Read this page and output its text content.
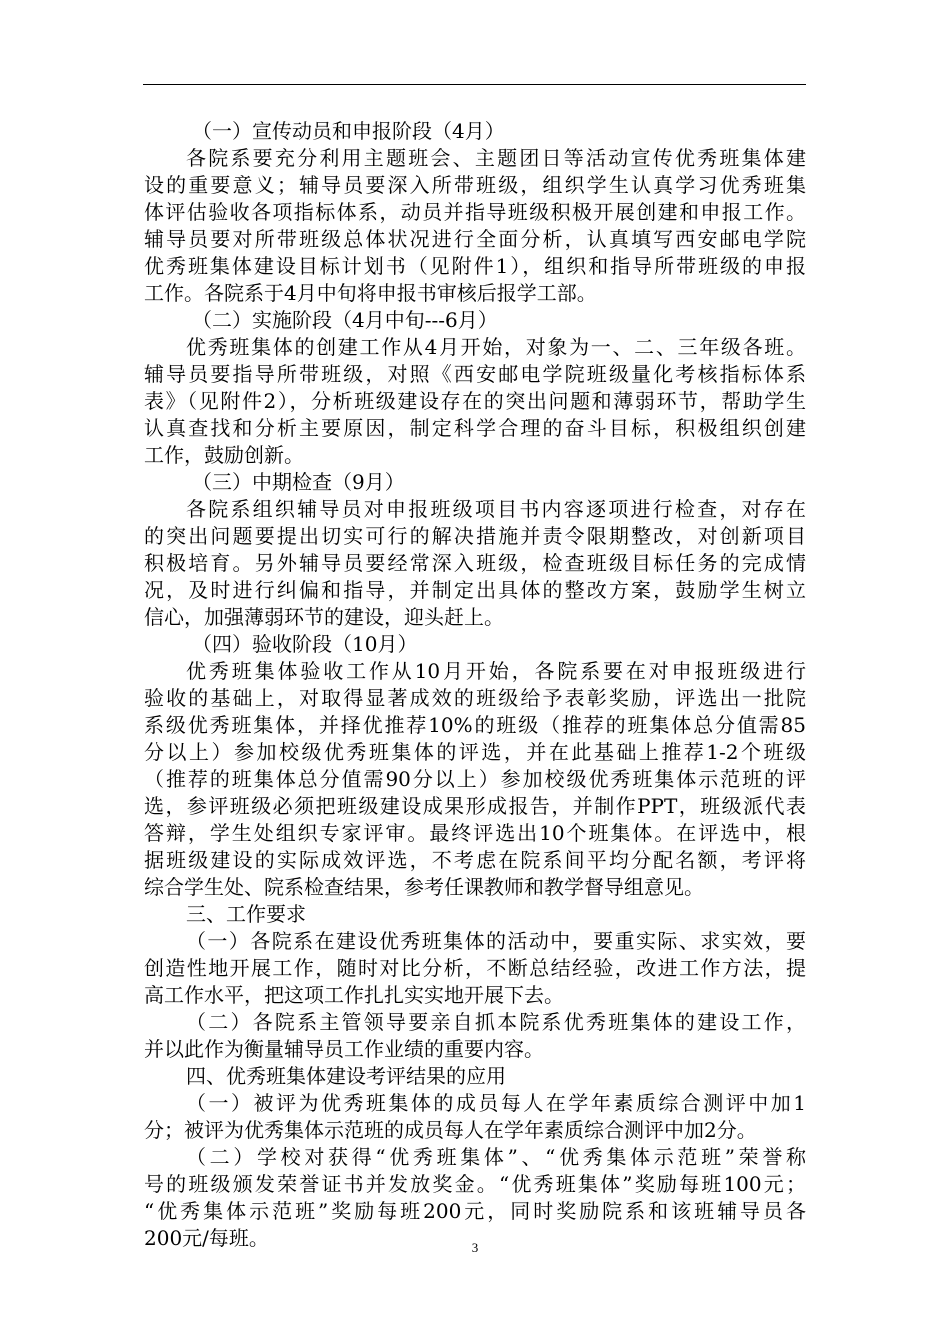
（一）宣传动员和申报阶段（4月）
各院系要充分利用主题班会、主题团日等活动宣传优秀班集体建
设的重要意义；辅导员要深入所带班级，组织学生认真学习优秀班集
体评估验收各项指标体系，动员并指导班级积极开展创建和申报工作。
辅导员要对所带班级总体状况进行全面分析，认真填写西安邮电学院
优秀班集体建设目标计划书（见附件1），组织和指导所带班级的申报
工作。各院系于4月中旬将申报书审核后报学工部。
（二）实施阶段（4月中旬---6月）
优秀班集体的创建工作从4月开始，对象为一、二、三年级各班。
辅导员要指导所带班级，对照《西安邮电学院班级量化考核指标体系
表》（见附件2），分析班级建设存在的突出问题和薄弱环节，帮助学生
认真查找和分析主要原因，制定科学合理的奋斗目标，积极组织创建
工作，鼓励创新。
（三）中期检查（9月）
各院系组织辅导员对申报班级项目书内容逐项进行检查，对存在
的突出问题要提出切实可行的解决措施并责令限期整改，对创新项目
积极培育。另外辅导员要经常深入班级，检查班级目标任务的完成情
况，及时进行纠偏和指导，并制定出具体的整改方案，鼓励学生树立
信心，加强薄弱环节的建设，迎头赶上。
（四）验收阶段（10月）
优秀班集体验收工作从10月开始，各院系要在对申报班级进行
验收的基础上，对取得显著成效的班级给予表彰奖励，评选出一批院
系级优秀班集体，并择优推荐10%的班级（推荐的班集体总分值需85
分以上）参加校级优秀班集体的评选，并在此基础上推荐1-2个班级
（推荐的班集体总分值需90分以上）参加校级优秀班集体示范班的评
选，参评班级必须把班级建设成果形成报告，并制作PPT，班级派代表
答辩，学生处组织专家评审。最终评选出10个班集体。在评选中，根
据班级建设的实际成效评选，不考虑在院系间平均分配名额，考评将
综合学生处、院系检查结果，参考任课教师和教学督导组意见。
三、工作要求
（一）各院系在建设优秀班集体的活动中，要重实际、求实效，要
创造性地开展工作，随时对比分析，不断总结经验，改进工作方法，提
高工作水平，把这项工作扎扎实实地开展下去。
（二）各院系主管领导要亲自抓本院系优秀班集体的建设工作，
并以此作为衡量辅导员工作业绩的重要内容。
四、优秀班集体建设考评结果的应用
（一）被评为优秀班集体的成员每人在学年素质综合测评中加1
分；被评为优秀集体示范班的成员每人在学年素质综合测评中加2分。
（二）学校对获得“优秀班集体”、“优秀集体示范班”荣誉称
号的班级颁发荣誉证书并发放奖金。“优秀班集体”奖励每班100元；
“优秀集体示范班”奖励每班200元，同时奖励院系和该班辅导员各
200元/每班。	3
